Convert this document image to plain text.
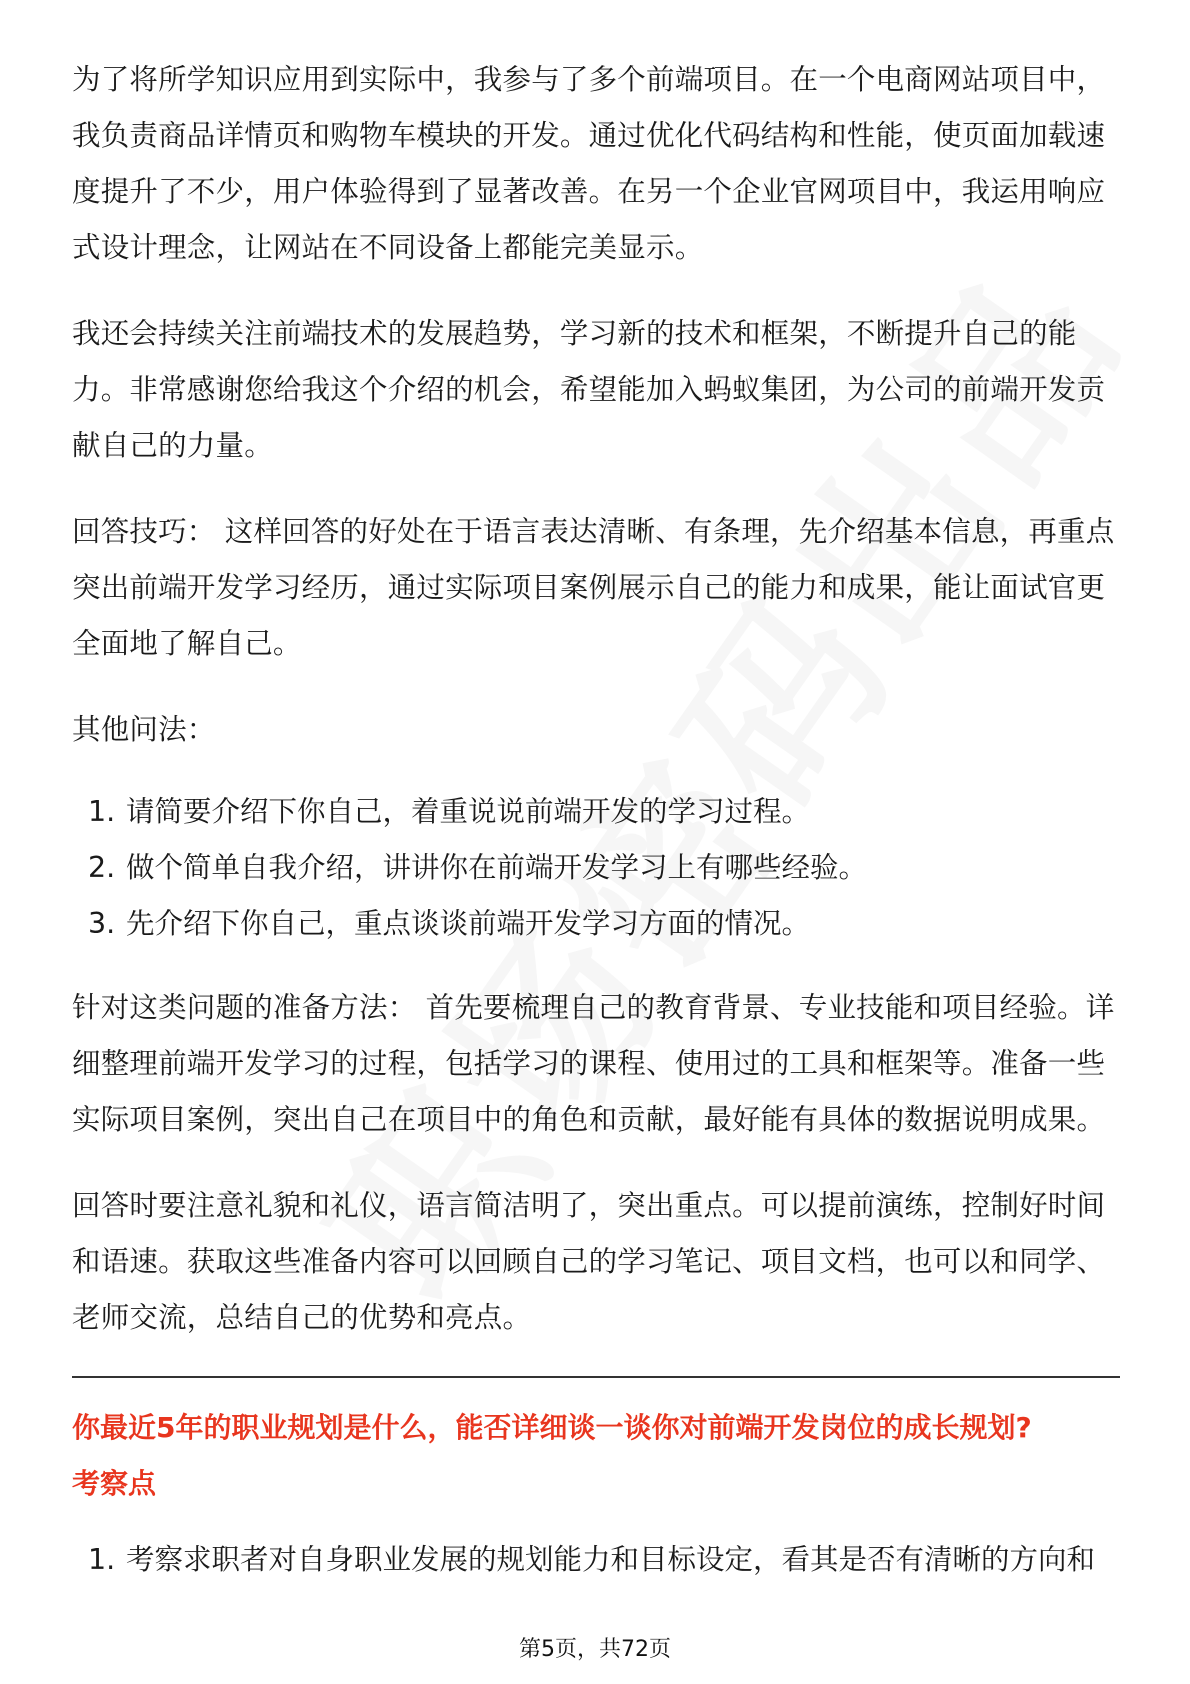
为了将所学知识应用到实际中，我参与了多个前端项目。在一个电商网站项目中，我负责商品详情页和购物车模块的开发。通过优化代码结构和性能，使页面加载速度提升了不少，用户体验得到了显著改善。在另一个企业官网项目中，我运用响应式设计理念，让网站在不同设备上都能完美显示。

我还会持续关注前端技术的发展趋势，学习新的技术和框架，不断提升自己的能力。非常感谢您给我这个介绍的机会，希望能加入蚂蚁集团，为公司的前端开发贡献自己的力量。

回答技巧： 这样回答的好处在于语言表达清晰、有条理，先介绍基本信息，再重点突出前端开发学习经历，通过实际项目案例展示自己的能力和成果，能让面试官更全面地了解自己。

其他问法：

1. 请简要介绍下你自己，着重说说前端开发的学习过程。
2. 做个简单自我介绍，讲讲你在前端开发学习上有哪些经验。
3. 先介绍下你自己，重点谈谈前端开发学习方面的情况。

针对这类问题的准备方法： 首先要梳理自己的教育背景、专业技能和项目经验。详细整理前端开发学习的过程，包括学习的课程、使用过的工具和框架等。准备一些实际项目案例，突出自己在项目中的角色和贡献，最好能有具体的数据说明成果。

回答时要注意礼貌和礼仪，语言简洁明了，突出重点。可以提前演练，控制好时间和语速。获取这些准备内容可以回顾自己的学习笔记、项目文档，也可以和同学、老师交流，总结自己的优势和亮点。

你最近5年的职业规划是什么，能否详细谈一谈你对前端开发岗位的成长规划?

考察点

1. 考察求职者对自身职业发展的规划能力和目标设定，看其是否有清晰的方向和
第5页，共72页
